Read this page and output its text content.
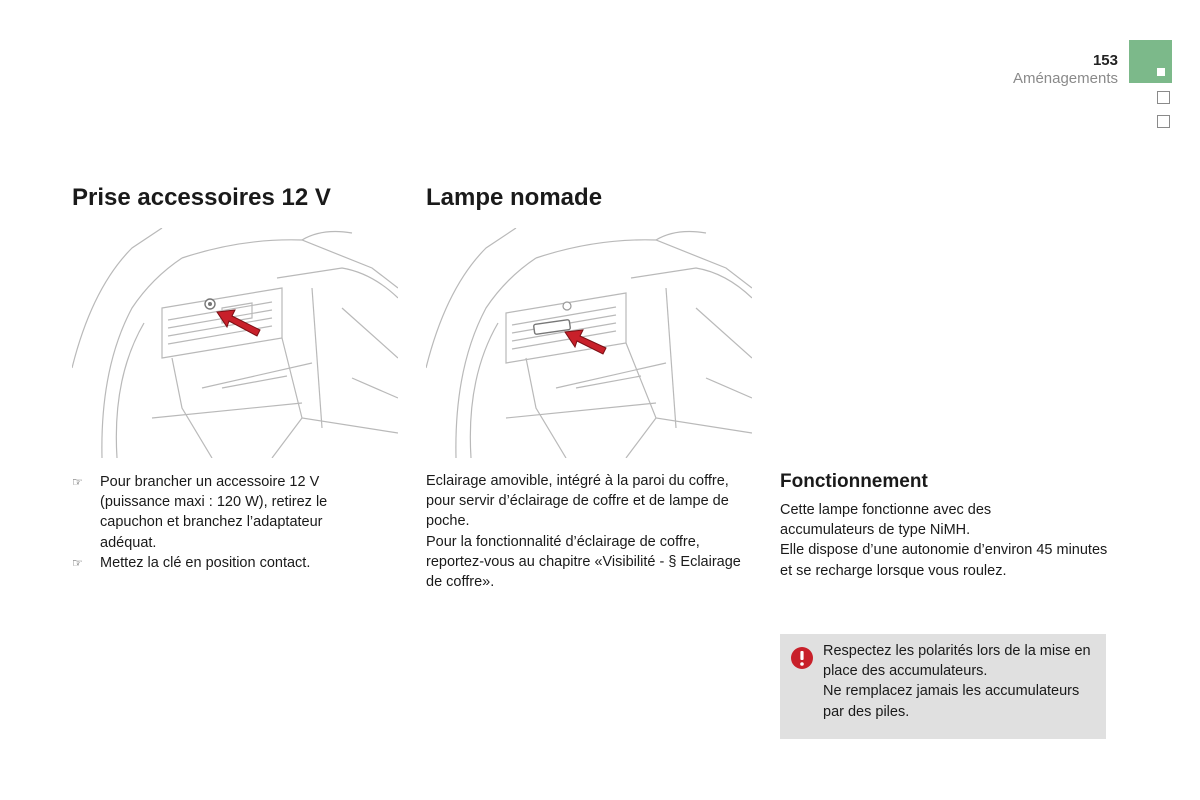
153
Aménagements
Prise accessoires 12 V
☞ Pour brancher un accessoire 12 V (puissance maxi : 120 W), retirez le capuchon et branchez l’adaptateur adéquat.
☞ Mettez la clé en position contact.
Lampe nomade

Eclairage amovible, intégré à la paroi du coffre, pour servir d’éclairage de coffre et de lampe de poche.

Pour la fonctionnalité d’éclairage de coffre, reportez-vous au chapitre «Visibilité - § Eclairage de coffre».

Fonctionnement

Cette lampe fonctionne avec des accumulateurs de type NiMH.

Elle dispose d’une autonomie d’environ 45 minutes et se recharge lorsque vous roulez.

Respectez les polarités lors de la mise en place des accumulateurs.

Ne remplacez jamais les accumulateurs par des piles.
